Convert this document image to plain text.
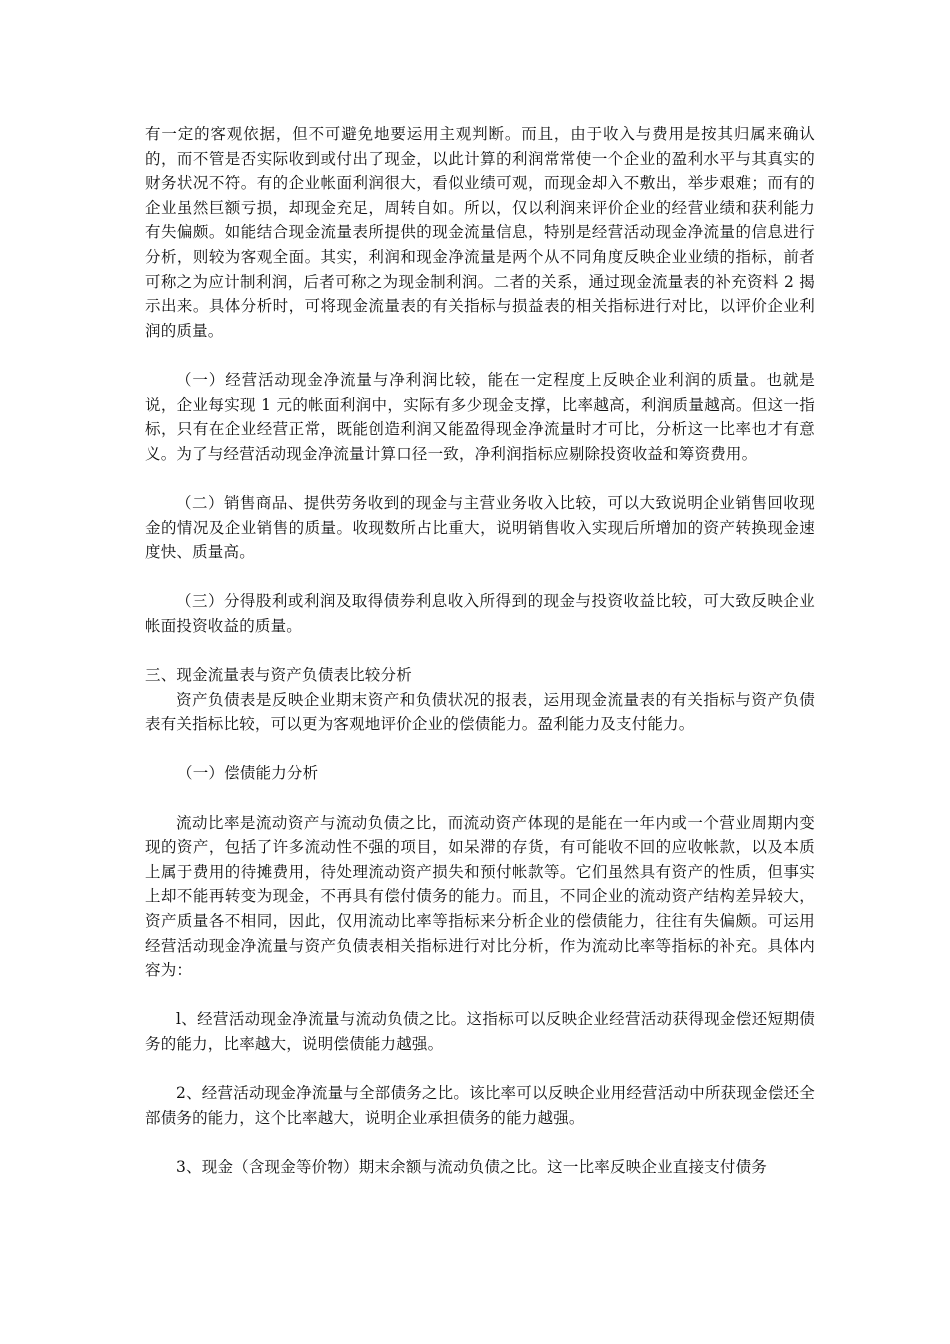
有一定的客观依据，但不可避免地要运用主观判断。而且，由于收入与费用是按其归属来确认的，而不管是否实际收到或付出了现金，以此计算的利润常常使一个企业的盈利水平与其真实的财务状况不符。有的企业帐面利润很大，看似业绩可观，而现金却入不敷出，举步艰难；而有的企业虽然巨额亏损，却现金充足，周转自如。所以，仅以利润来评价企业的经营业绩和获利能力有失偏颇。如能结合现金流量表所提供的现金流量信息，特别是经营活动现金净流量的信息进行分析，则较为客观全面。其实，利润和现金净流量是两个从不同角度反映企业业绩的指标，前者可称之为应计制利润，后者可称之为现金制利润。二者的关系，通过现金流量表的补充资料 2 揭示出来。具体分析时，可将现金流量表的有关指标与损益表的相关指标进行对比，以评价企业利润的质量。

（一）经营活动现金净流量与净利润比较，能在一定程度上反映企业利润的质量。也就是说，企业每实现 1 元的帐面利润中，实际有多少现金支撑，比率越高，利润质量越高。但这一指标，只有在企业经营正常，既能创造利润又能盈得现金净流量时才可比，分析这一比率也才有意义。为了与经营活动现金净流量计算口径一致，净利润指标应剔除投资收益和筹资费用。

（二）销售商品、提供劳务收到的现金与主营业务收入比较，可以大致说明企业销售回收现金的情况及企业销售的质量。收现数所占比重大，说明销售收入实现后所增加的资产转换现金速度快、质量高。

（三）分得股利或利润及取得债券利息收入所得到的现金与投资收益比较，可大致反映企业帐面投资收益的质量。

三、现金流量表与资产负债表比较分析

资产负债表是反映企业期末资产和负债状况的报表，运用现金流量表的有关指标与资产负债表有关指标比较，可以更为客观地评价企业的偿债能力。盈利能力及支付能力。

（一）偿债能力分析

流动比率是流动资产与流动负债之比，而流动资产体现的是能在一年内或一个营业周期内变现的资产，包括了许多流动性不强的项目，如呆滞的存货，有可能收不回的应收帐款，以及本质上属于费用的待摊费用，待处理流动资产损失和预付帐款等。它们虽然具有资产的性质，但事实上却不能再转变为现金，不再具有偿付债务的能力。而且，不同企业的流动资产结构差异较大，资产质量各不相同，因此，仅用流动比率等指标来分析企业的偿债能力，往往有失偏颇。可运用经营活动现金净流量与资产负债表相关指标进行对比分析，作为流动比率等指标的补充。具体内容为：

l、经营活动现金净流量与流动负债之比。这指标可以反映企业经营活动获得现金偿还短期债务的能力，比率越大，说明偿债能力越强。

2、经营活动现金净流量与全部债务之比。该比率可以反映企业用经营活动中所获现金偿还全部债务的能力，这个比率越大，说明企业承担债务的能力越强。

3、现金（含现金等价物）期末余额与流动负债之比。这一比率反映企业直接支付债务
